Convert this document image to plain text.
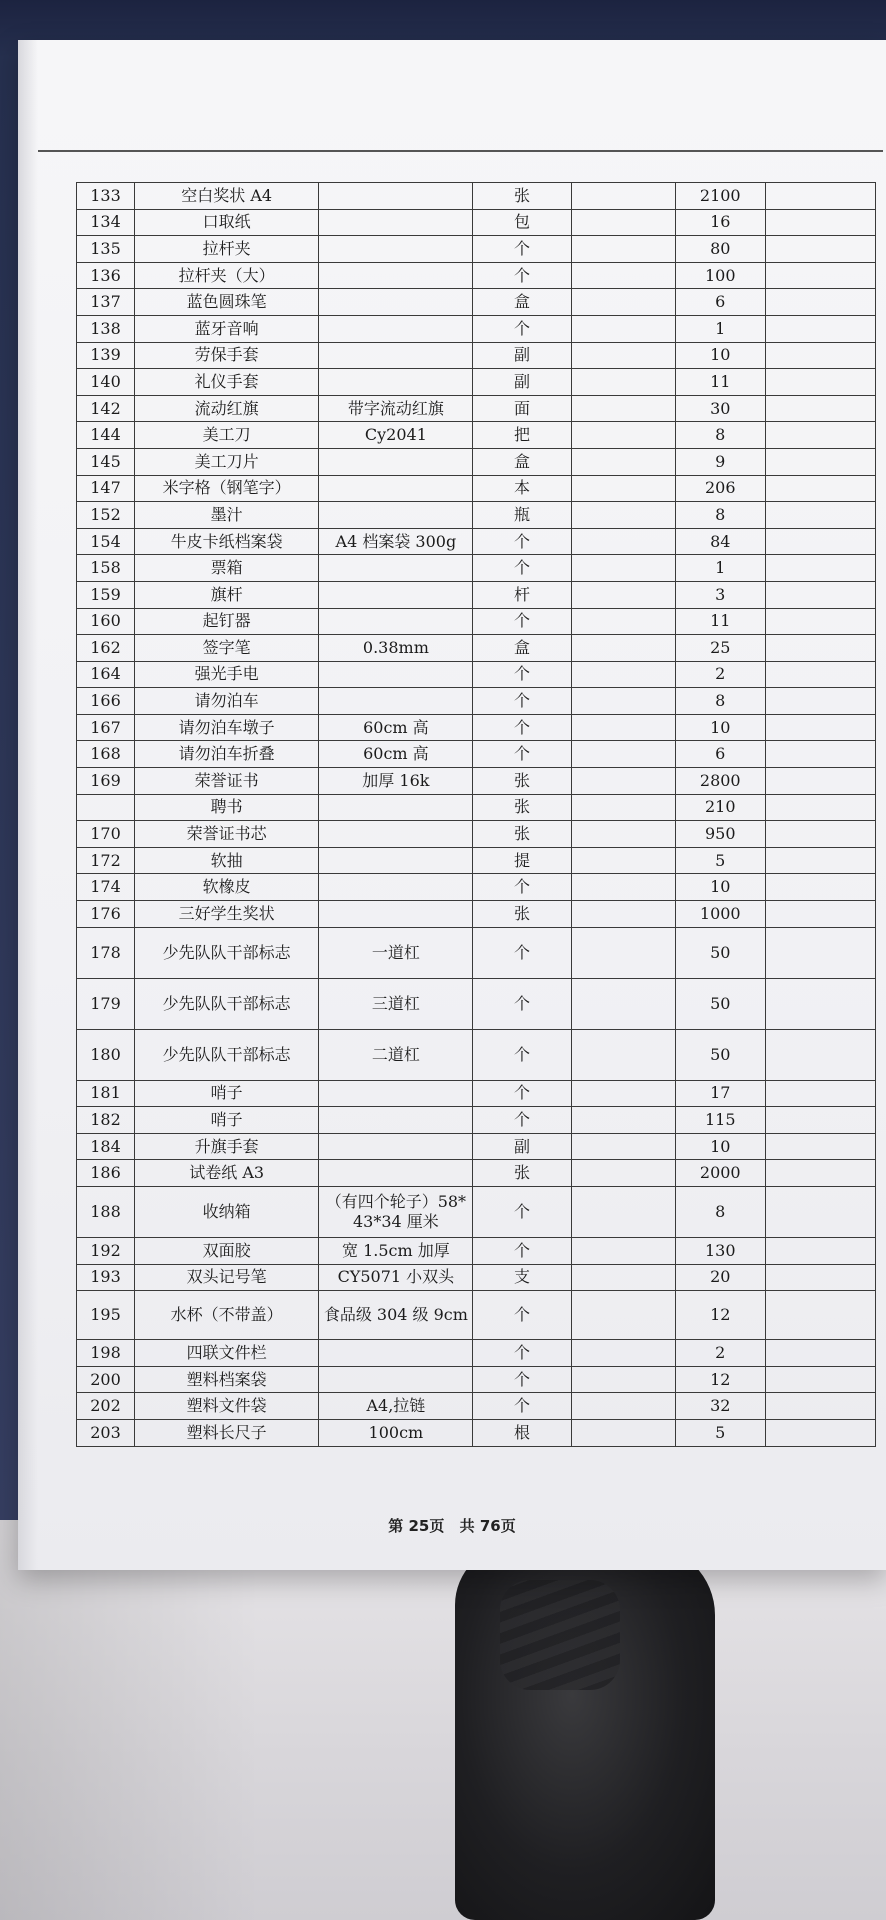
133	空白奖状 A4		张		2100	
134	口取纸		包		16	
135	拉杆夹		个		80	
136	拉杆夹（大）		个		100	
137	蓝色圆珠笔		盒		6	
138	蓝牙音响		个		1	
139	劳保手套		副		10	
140	礼仪手套		副		11	
142	流动红旗	带字流动红旗	面		30	
144	美工刀	Cy2041	把		8	
145	美工刀片		盒		9	
147	米字格（钢笔字）		本		206	
152	墨汁		瓶		8	
154	牛皮卡纸档案袋	A4 档案袋 300g	个		84	
158	票箱		个		1	
159	旗杆		杆		3	
160	起钉器		个		11	
162	签字笔	0.38mm	盒		25	
164	强光手电		个		2	
166	请勿泊车		个		8	
167	请勿泊车墩子	60cm 高	个		10	
168	请勿泊车折叠	60cm 高	个		6	
169	荣誉证书	加厚 16k	张		2800	
	聘书		张		210	
170	荣誉证书芯		张		950	
172	软抽		提		5	
174	软橡皮		个		10	
176	三好学生奖状		张		1000	
178	少先队队干部标志	一道杠	个		50	
179	少先队队干部标志	三道杠	个		50	
180	少先队队干部标志	二道杠	个		50	
181	哨子		个		17	
182	哨子		个		115	
184	升旗手套		副		10	
186	试卷纸 A3		张		2000	
188	收纳箱	（有四个轮子）58*43*34 厘米	个		8	
192	双面胶	宽 1.5cm 加厚	个		130	
193	双头记号笔	CY5071 小双头	支		20	
195	水杯（不带盖）	食品级 304 级 9cm	个		12	
198	四联文件栏		个		2	
200	塑料档案袋		个		12	
202	塑料文件袋	A4,拉链	个		32	
203	塑料长尺子	100cm	根		5	
第 25页 共 76页
